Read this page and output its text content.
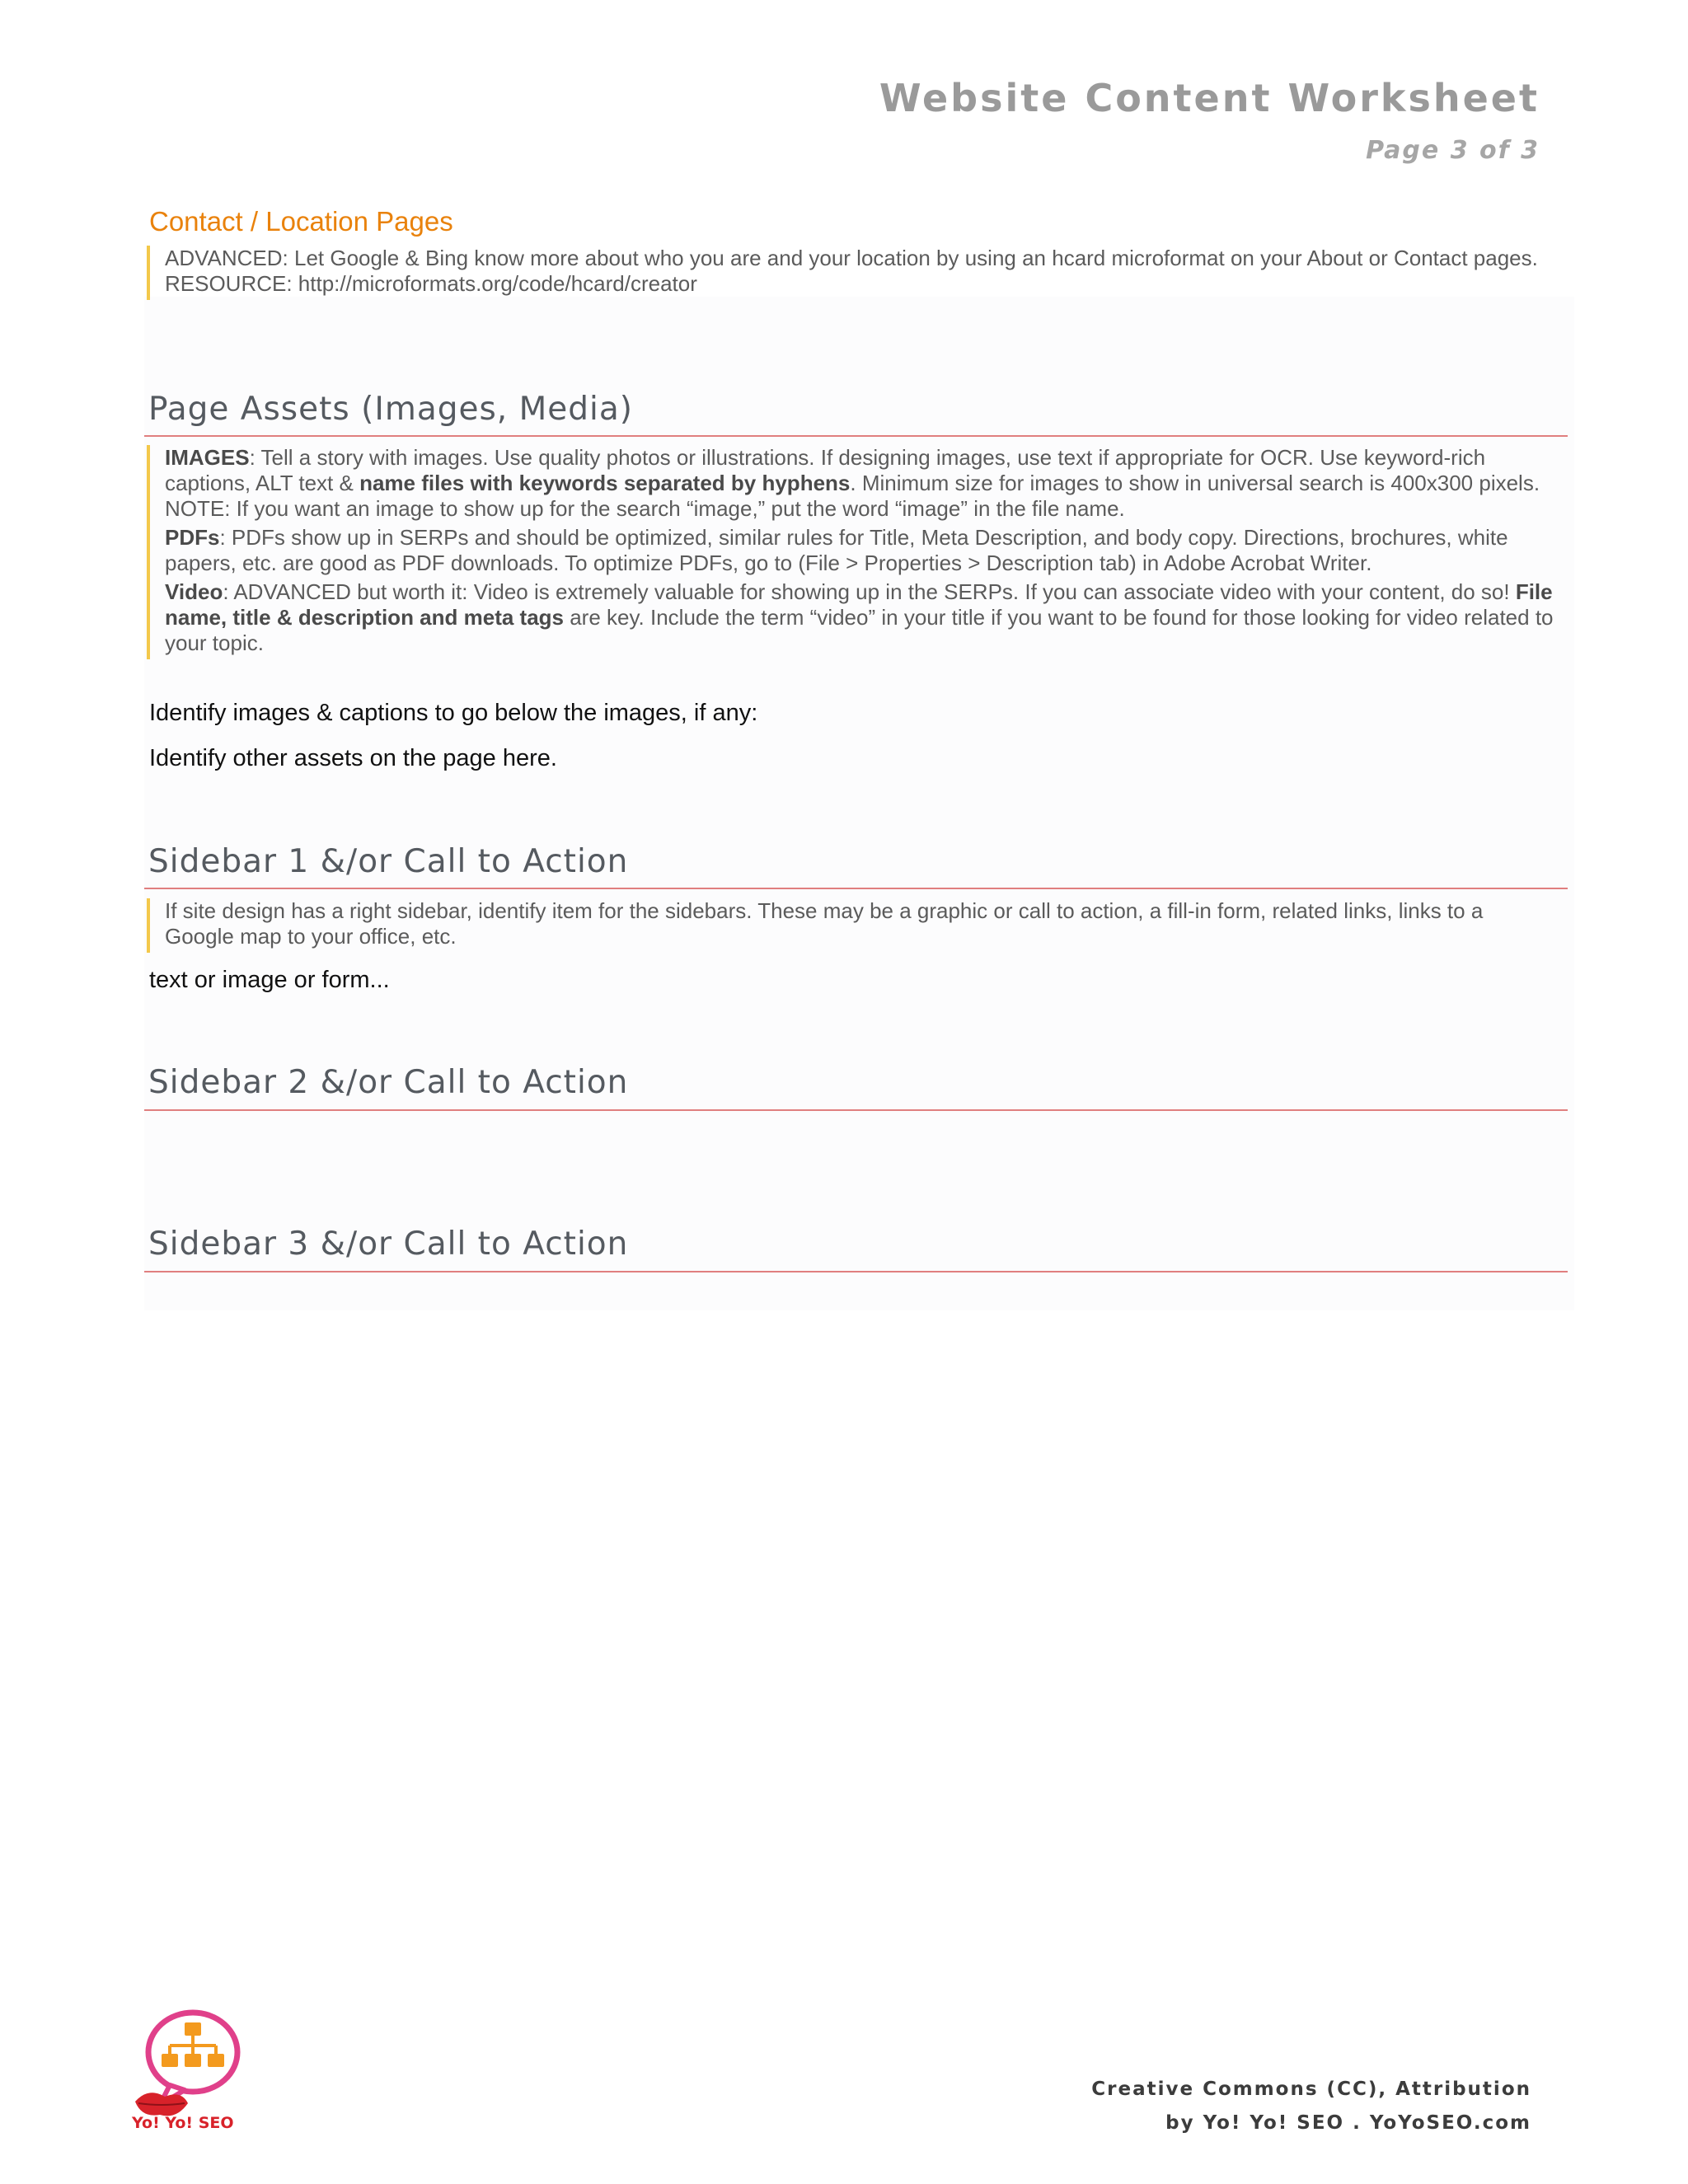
Website Content Worksheet
Page 3 of 3
Contact / Location Pages

ADVANCED: Let Google & Bing know more about who you are and your location by using an hcard microformat on your About or Contact pages. RESOURCE: http://microformats.org/code/hcard/creator

Page Assets (Images, Media)

IMAGES: Tell a story with images. Use quality photos or illustrations. If designing images, use text if appropriate for OCR. Use keyword-rich captions, ALT text & name files with keywords separated by hyphens. Minimum size for images to show in universal search is 400x300 pixels. NOTE: If you want an image to show up for the search “image,” put the word “image” in the file name.

PDFs: PDFs show up in SERPs and should be optimized, similar rules for Title, Meta Description, and body copy. Directions, brochures, white papers, etc. are good as PDF downloads. To optimize PDFs, go to (File > Properties > Description tab) in Adobe Acrobat Writer.

Video: ADVANCED but worth it: Video is extremely valuable for showing up in the SERPs. If you can associate video with your content, do so! File name, title & description and meta tags are key. Include the term “video” in your title if you want to be found for those looking for video related to your topic.

Identify images & captions to go below the images, if any:
Identify other assets on the page here.
Sidebar 1 &/or Call to Action

If site design has a right sidebar, identify item for the sidebars. These may be a graphic or call to action, a fill-in form, related links, links to a Google map to your office, etc.

text or image or form...
Sidebar 2 &/or Call to Action
Sidebar 3 &/or Call to Action
Yo! Yo! SEO
Creative Commons (CC), Attribution
by Yo! Yo! SEO . YoYoSEO.com
